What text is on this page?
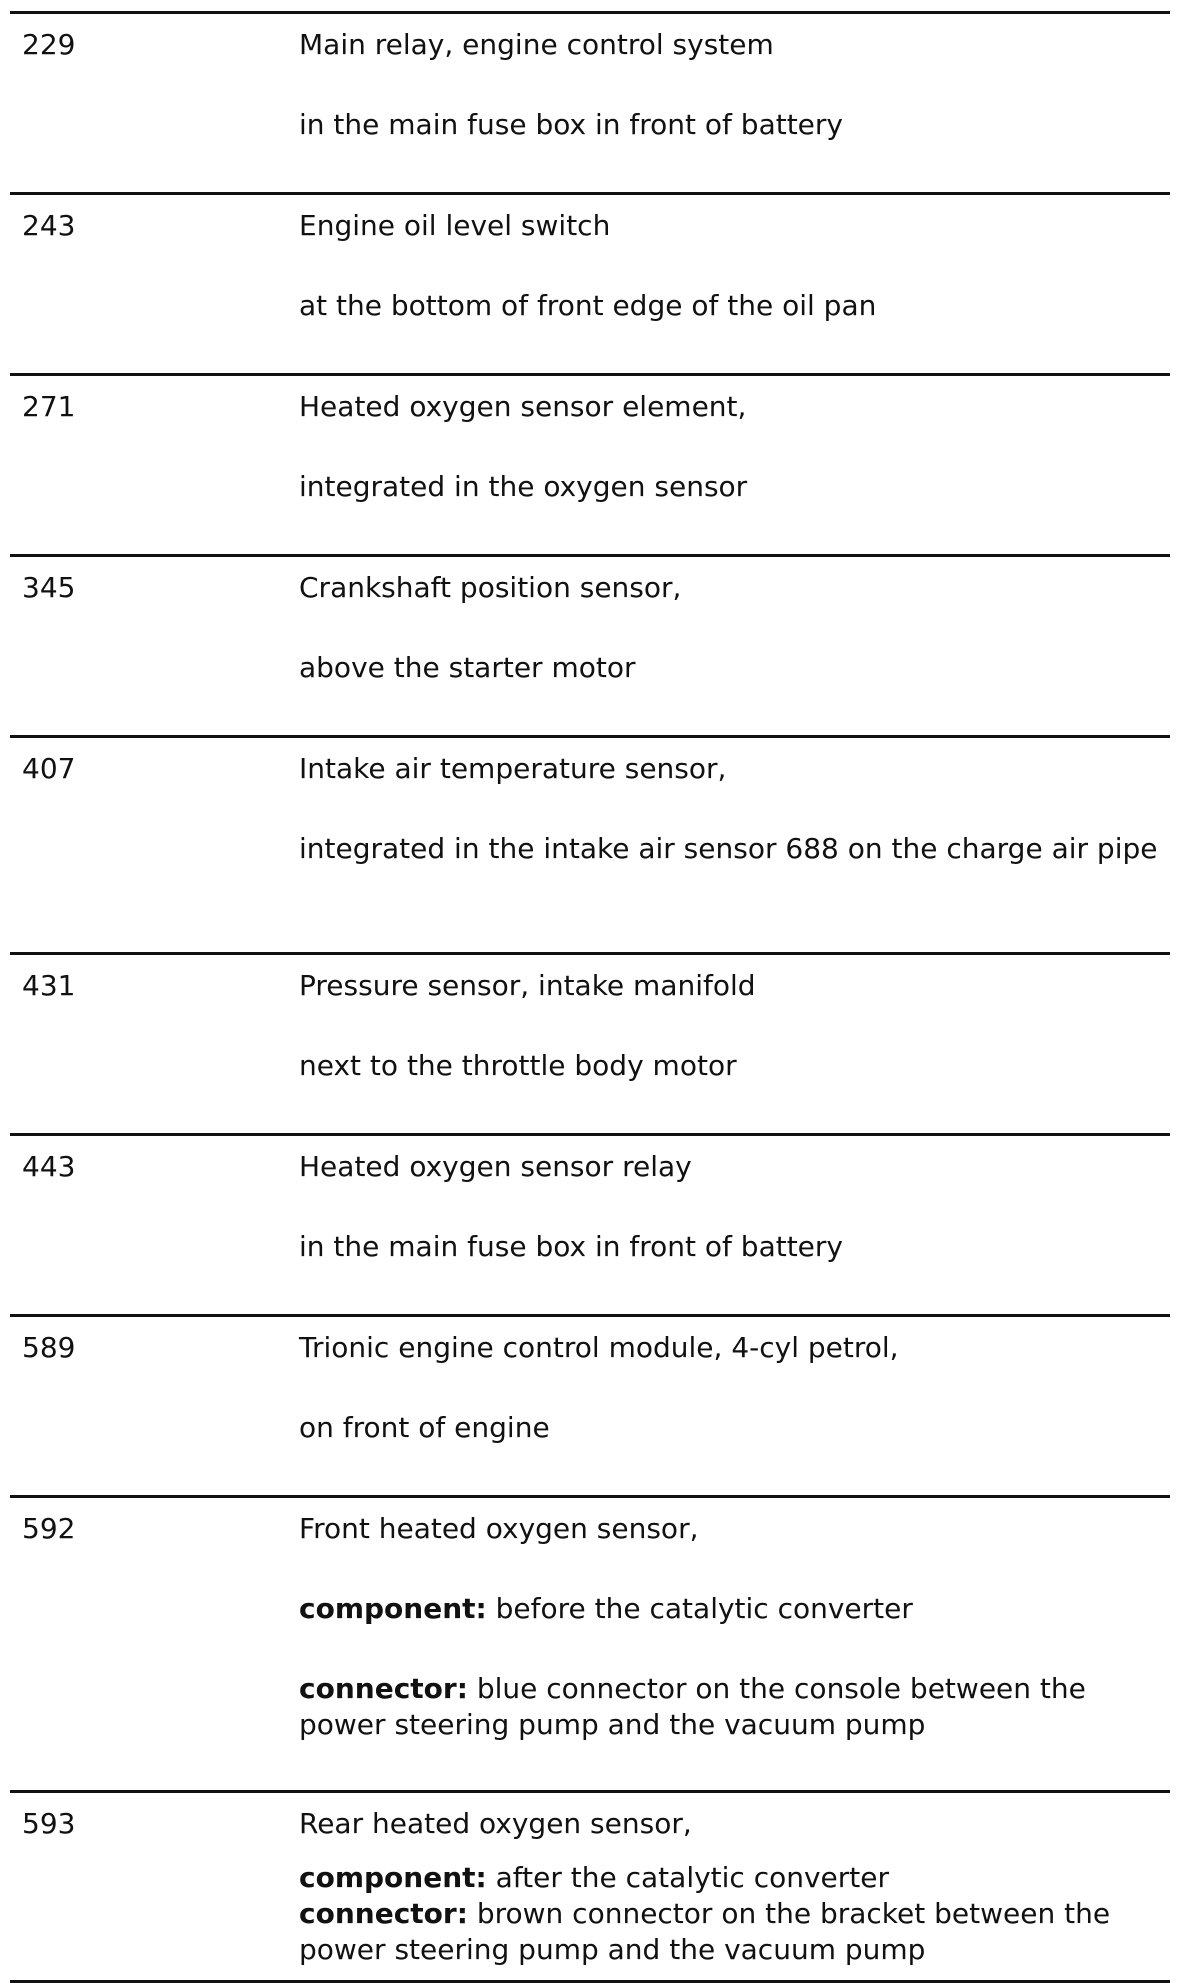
229	Main relay, engine control system

in the main fuse box in front of battery

243	Engine oil level switch

at the bottom of front edge of the oil pan

271	Heated oxygen sensor element,

integrated in the oxygen sensor

345	Crankshaft position sensor,

above the starter motor

407	Intake air temperature sensor,

integrated in the intake air sensor 688 on the charge air pipe

431	Pressure sensor, intake manifold

next to the throttle body motor

443	Heated oxygen sensor relay

in the main fuse box in front of battery

589	Trionic engine control module, 4-cyl petrol,

on front of engine

592	Front heated oxygen sensor,

component: before the catalytic converter

connector: blue connector on the console between the power steering pump and the vacuum pump

593	Rear heated oxygen sensor,

component: after the catalytic converter

connector: brown connector on the bracket between the power steering pump and the vacuum pump
